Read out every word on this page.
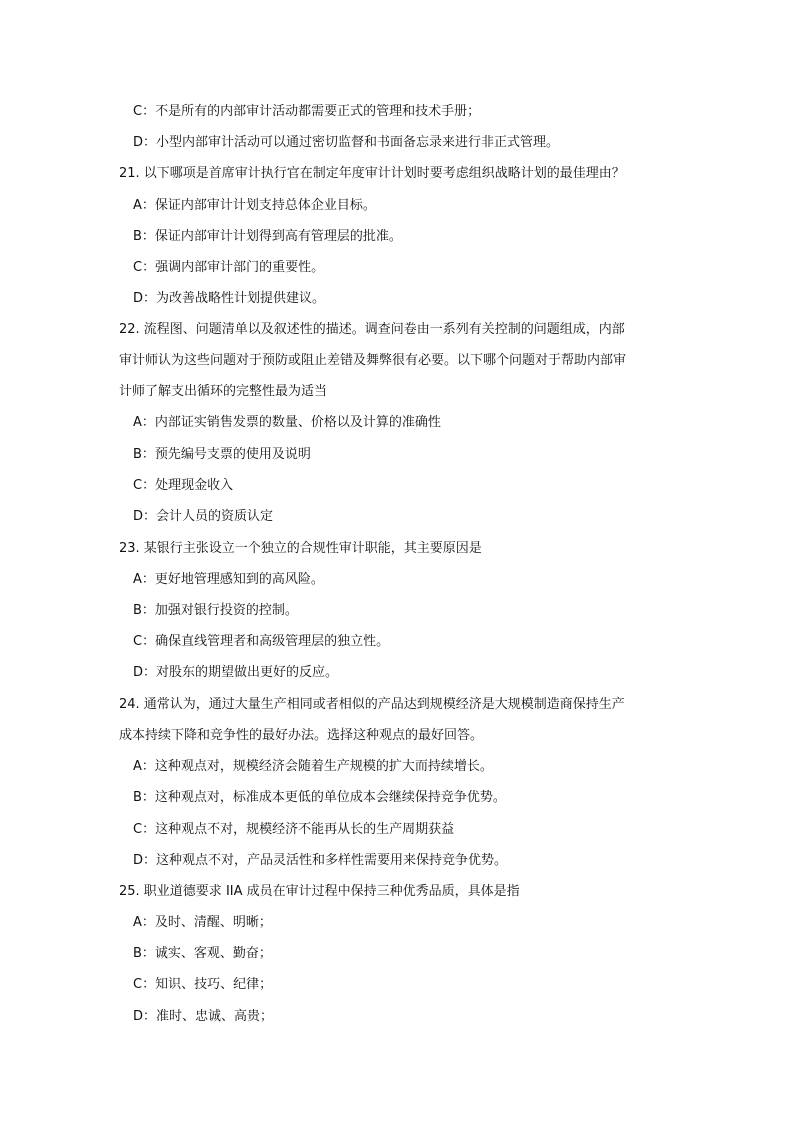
C：不是所有的内部审计活动都需要正式的管理和技术手册；
D：小型内部审计活动可以通过密切监督和书面备忘录来进行非正式管理。
21. 以下哪项是首席审计执行官在制定年度审计计划时要考虑组织战略计划的最佳理由？
A：保证内部审计计划支持总体企业目标。
B：保证内部审计计划得到高有管理层的批准。
C：强调内部审计部门的重要性。
D：为改善战略性计划提供建议。
22. 流程图、问题清单以及叙述性的描述。调查问卷由一系列有关控制的问题组成，内部
审计师认为这些问题对于预防或阻止差错及舞弊很有必要。以下哪个问题对于帮助内部审
计师了解支出循环的完整性最为适当
A：内部证实销售发票的数量、价格以及计算的准确性
B：预先编号支票的使用及说明
C：处理现金收入
D：会计人员的资质认定
23. 某银行主张设立一个独立的合规性审计职能，其主要原因是
A：更好地管理感知到的高风险。
B：加强对银行投资的控制。
C：确保直线管理者和高级管理层的独立性。
D：对股东的期望做出更好的反应。
24. 通常认为，通过大量生产相同或者相似的产品达到规模经济是大规模制造商保持生产
成本持续下降和竞争性的最好办法。选择这种观点的最好回答。
A：这种观点对，规模经济会随着生产规模的扩大而持续增长。
B：这种观点对，标准成本更低的单位成本会继续保持竞争优势。
C：这种观点不对，规模经济不能再从长的生产周期获益
D：这种观点不对，产品灵活性和多样性需要用来保持竞争优势。
25. 职业道德要求 IIA 成员在审计过程中保持三种优秀品质，具体是指
A：及时、清醒、明晰；
B：诚实、客观、勤奋；
C：知识、技巧、纪律；
D：准时、忠诚、高贵；
